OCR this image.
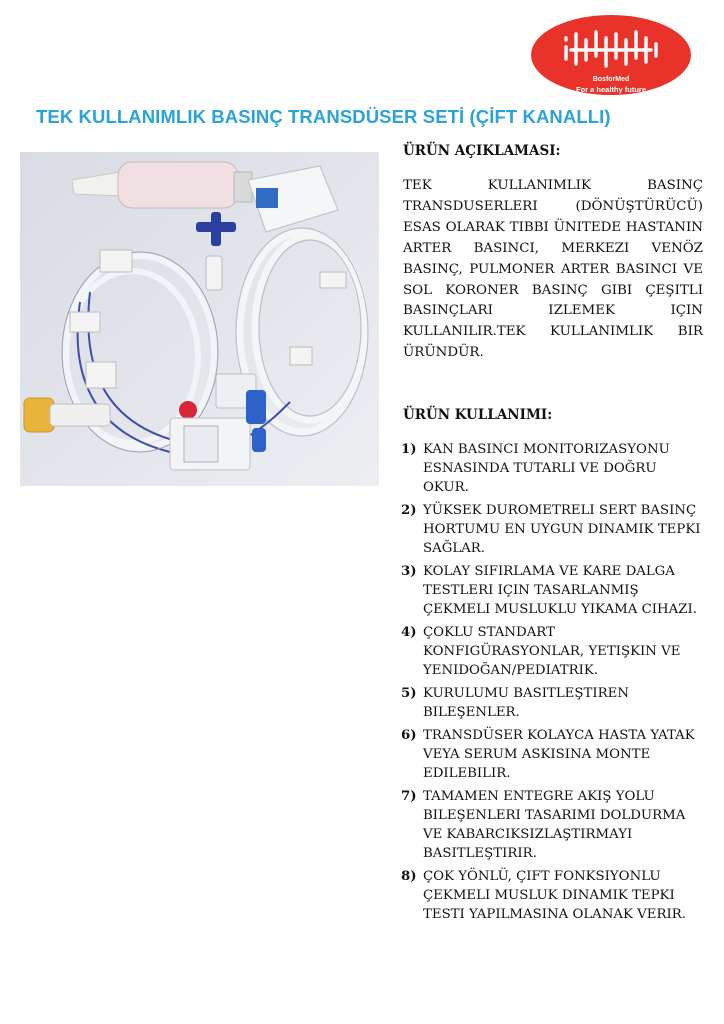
BosforMed
For a healthy future
TEK KULLANIMLIK BASINÇ TRANSDÜSER SETİ (ÇİFT KANALLI)
ÜRÜN AÇIKLAMASI:

TEK KULLANIMLIK BASINÇ TRANSDUSERLERI (DÖNÜŞTÜRÜCÜ) ESAS OLARAK TIBBI ÜNITEDE HASTANIN ARTER BASINCI, MERKEZI VENÖZ BASINÇ, PULMONER ARTER BASINCI VE SOL KORONER BASINÇ GIBI ÇEŞITLI BASINÇLARI IZLEMEK IÇIN KULLANILIR.TEK KULLANIMLIK BIR ÜRÜNDÜR.

ÜRÜN KULLANIMI:
1) KAN BASINCI MONITORIZASYONU ESNASINDA TUTARLI VE DOĞRU OKUR.
2) YÜKSEK DUROMETRELI SERT BASINÇ HORTUMU EN UYGUN DINAMIK TEPKI SAĞLAR.
3) KOLAY SIFIRLAMA VE KARE DALGA TESTLERI IÇIN TASARLANMIŞ ÇEKMELI MUSLUKLU YIKAMA CIHAZI.
4) ÇOKLU STANDART KONFIGÜRASYONLAR, YETIŞKIN VE YENIDOĞAN/PEDIATRIK.
5) KURULUMU BASITLEŞTIREN BILEŞENLER.
6) TRANSDÜSER KOLAYCA HASTA YATAK VEYA SERUM ASKISINA MONTE EDILEBILIR.
7) TAMAMEN ENTEGRE AKIŞ YOLU BILEŞENLERI TASARIMI DOLDURMA VE KABARCIKSIZLAŞTIRMAYI BASITLEŞTIRIR.
8) ÇOK YÖNLÜ, ÇIFT FONKSIYONLU ÇEKMELI MUSLUK DINAMIK TEPKI TESTI YAPILMASINA OLANAK VERIR.
